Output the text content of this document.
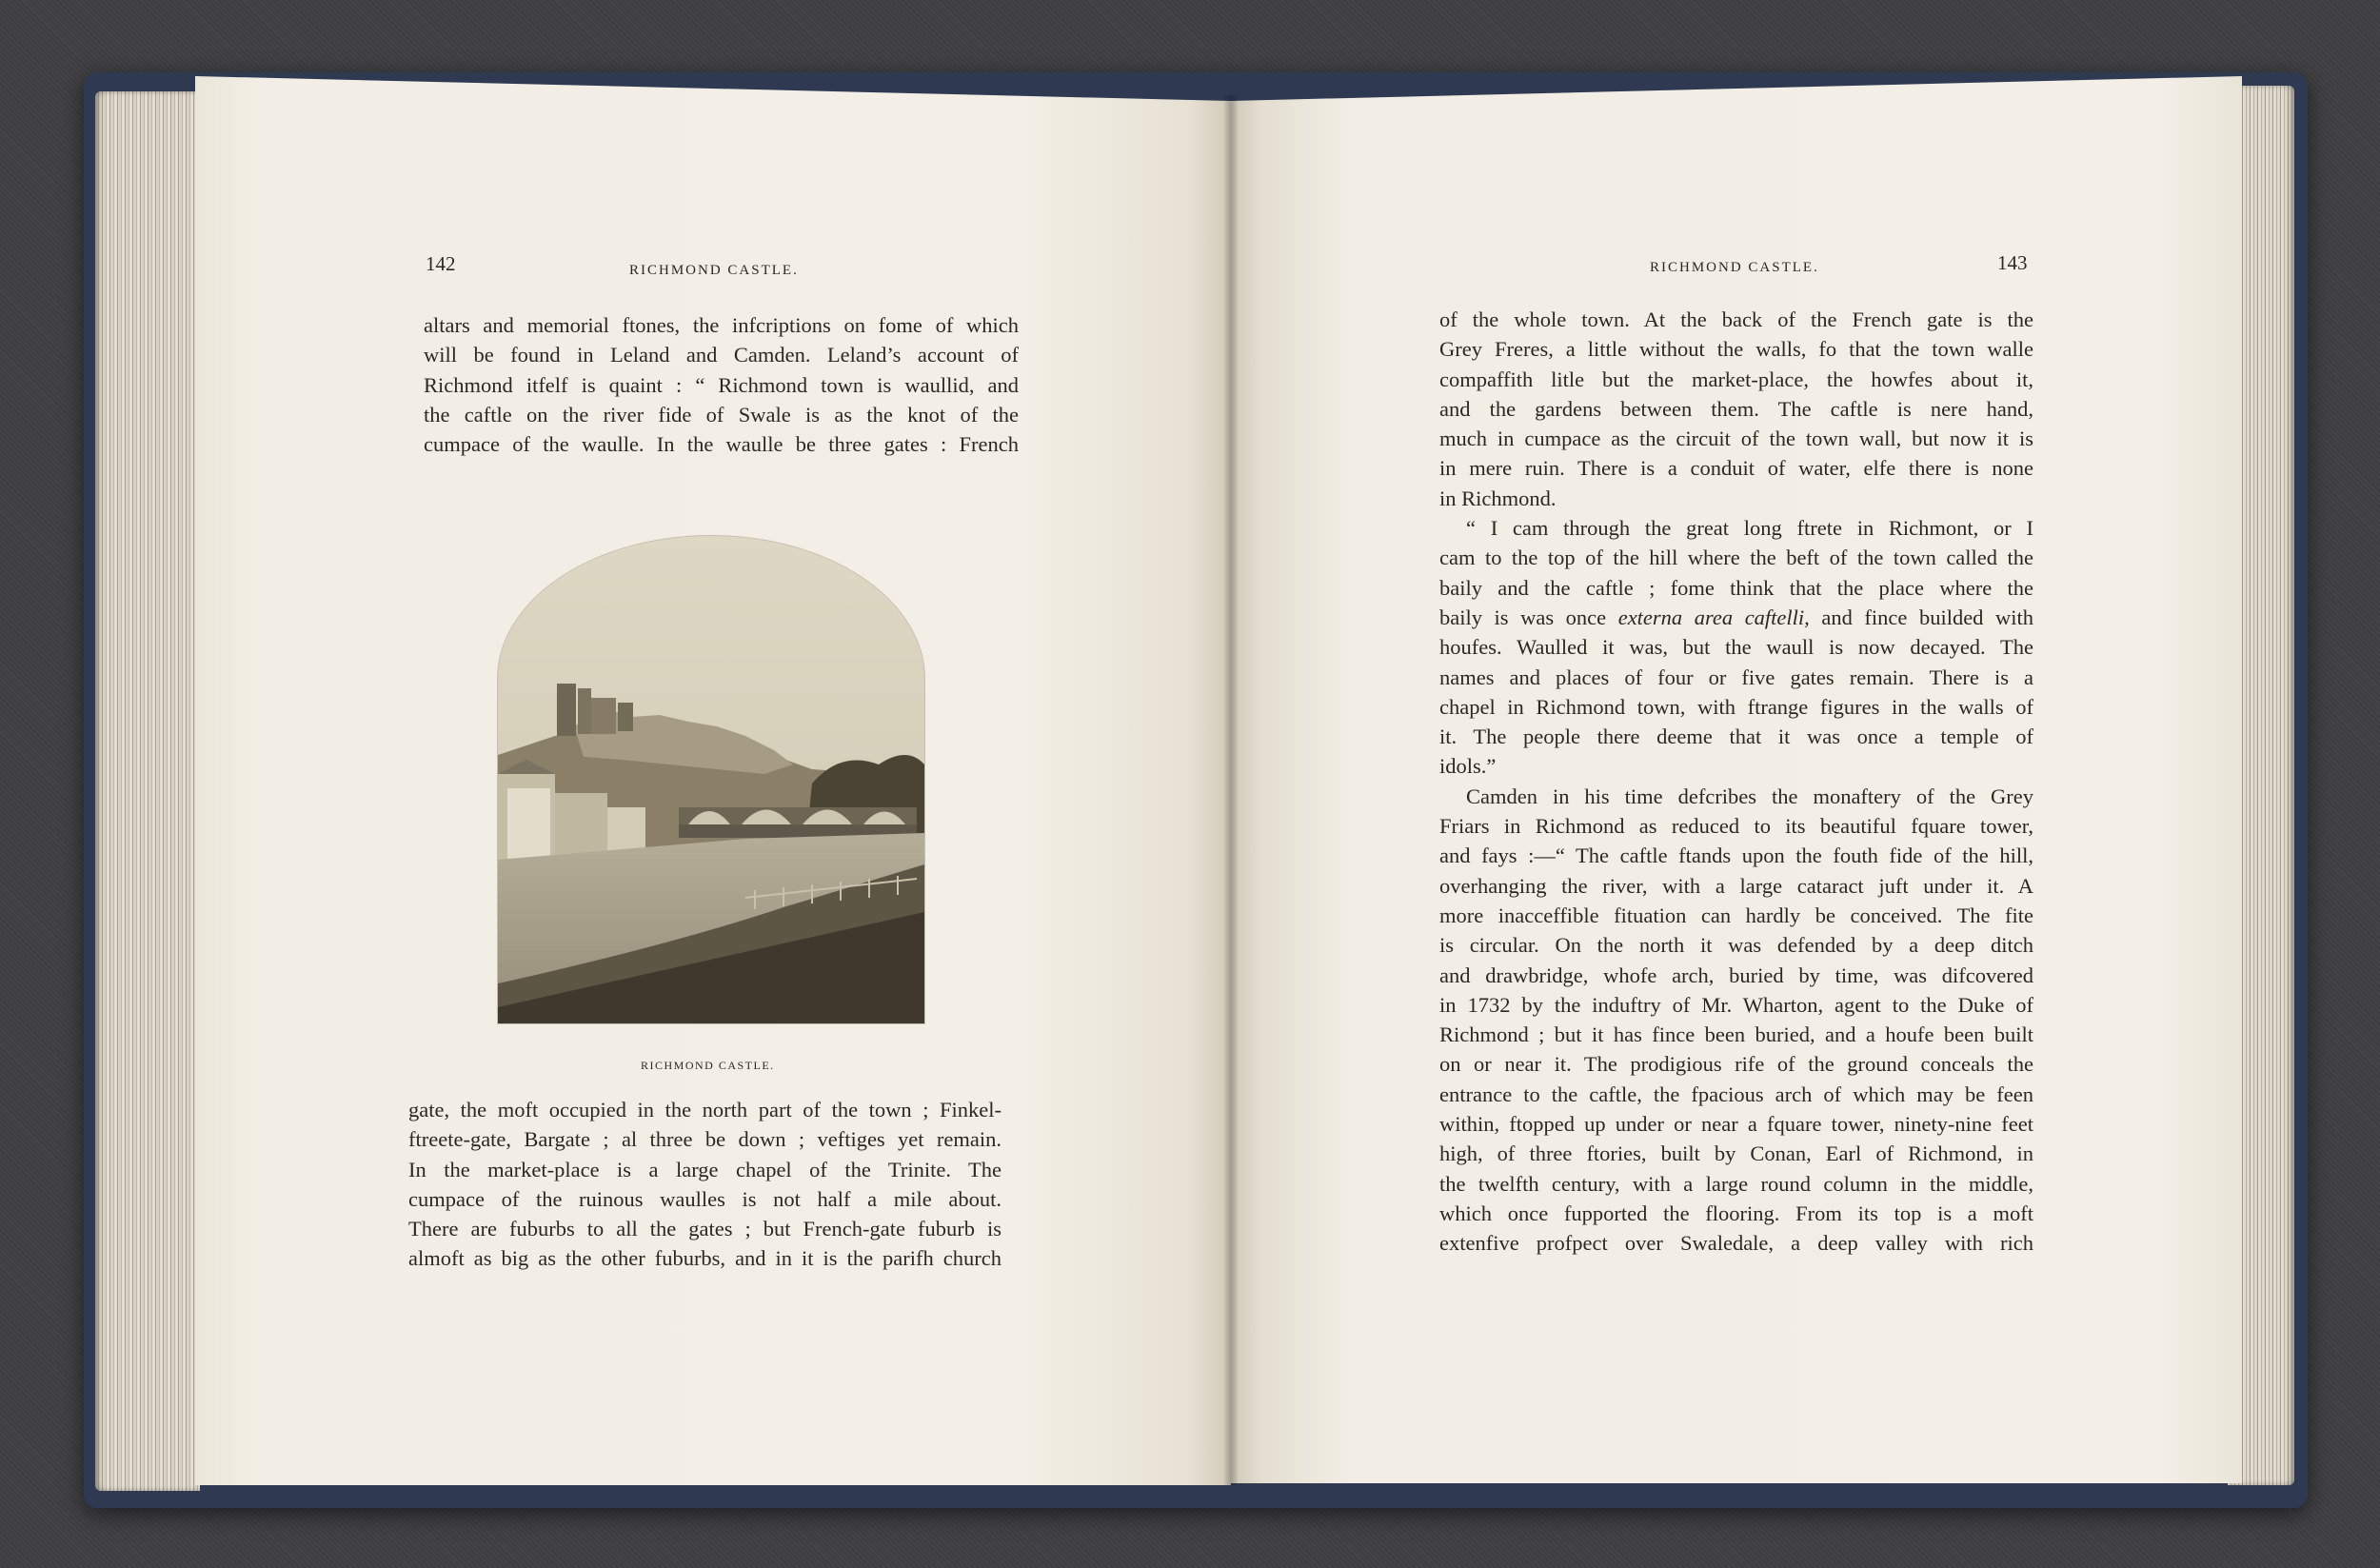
142	RICHMOND CASTLE.
altars and memorial ftones, the infcriptions on fome of which
will be found in Leland and Camden. Leland’s account of
Richmond itfelf is quaint : “ Richmond town is waullid, and
the caftle on the river fide of Swale is as the knot of the
cumpace of the waulle. In the waulle be three gates : French
RICHMOND CASTLE.
gate, the moft occupied in the north part of the town ; Finkel-
ftreete-gate, Bargate ; al three be down ; veftiges yet remain.
In the market-place is a large chapel of the Trinite. The
cumpace of the ruinous waulles is not half a mile about.
There are fuburbs to all the gates ; but French-gate fuburb is
almoft as big as the other fuburbs, and in it is the parifh church
RICHMOND CASTLE.	143
of the whole town. At the back of the French gate is the
Grey Freres, a little without the walls, fo that the town walle
compaffith litle but the market-place, the howfes about it,
and the gardens between them. The caftle is nere hand,
much in cumpace as the circuit of the town wall, but now it is
in mere ruin. There is a conduit of water, elfe there is none
in Richmond.
“ I cam through the great long ftrete in Richmont, or I
cam to the top of the hill where the beft of the town called the
baily and the caftle ; fome think that the place where the
baily is was once externa area caftelli, and fince builded with
houfes. Waulled it was, but the waull is now decayed. The
names and places of four or five gates remain. There is a
chapel in Richmond town, with ftrange figures in the walls of
it. The people there deeme that it was once a temple of
idols.”
Camden in his time defcribes the monaftery of the Grey
Friars in Richmond as reduced to its beautiful fquare tower,
and fays :—“ The caftle ftands upon the fouth fide of the hill,
overhanging the river, with a large cataract juft under it. A
more inacceffible fituation can hardly be conceived. The fite
is circular. On the north it was defended by a deep ditch
and drawbridge, whofe arch, buried by time, was difcovered
in 1732 by the induftry of Mr. Wharton, agent to the Duke of
Richmond ; but it has fince been buried, and a houfe been built
on or near it. The prodigious rife of the ground conceals the
entrance to the caftle, the fpacious arch of which may be feen
within, ftopped up under or near a fquare tower, ninety-nine feet
high, of three ftories, built by Conan, Earl of Richmond, in
the twelfth century, with a large round column in the middle,
which once fupported the flooring. From its top is a moft
extenfive profpect over Swaledale, a deep valley with rich
